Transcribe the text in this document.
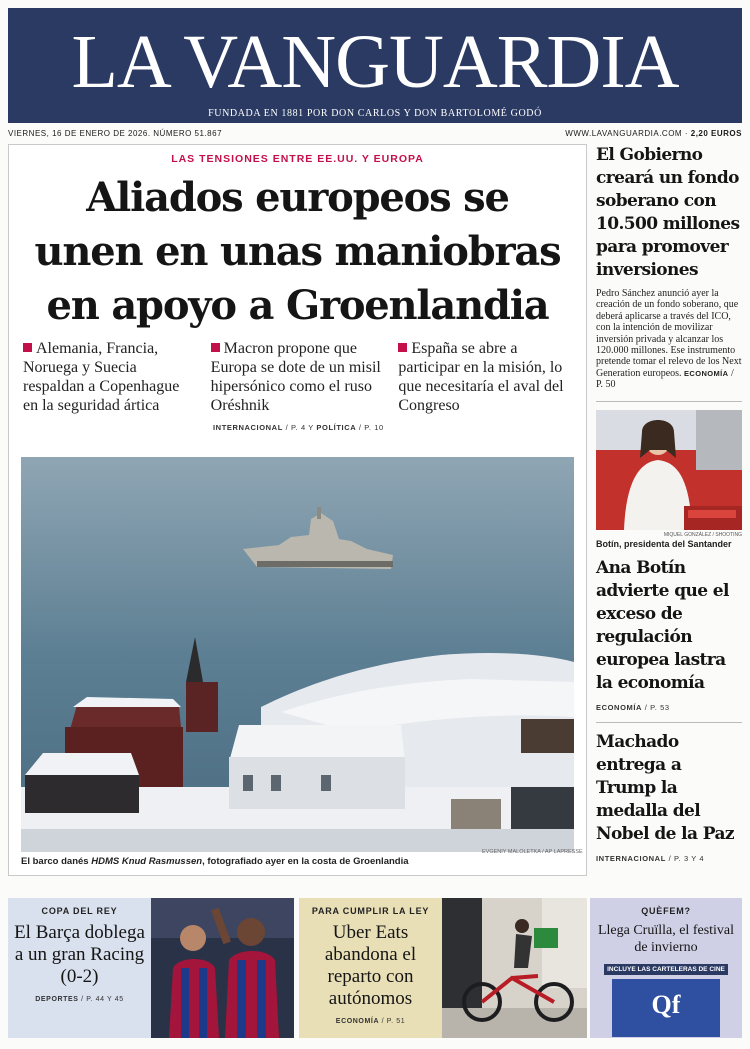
LA VANGUARDIA
FUNDADA EN 1881 POR DON CARLOS Y DON BARTOLOMÉ GODÓ
VIERNES, 16 DE ENERO DE 2026. NÚMERO 51.867	WWW.LAVANGUARDIA.COM · 2,20 EUROS
LAS TENSIONES ENTRE EE.UU. Y EUROPA
Aliados europeos se
unen en unas maniobras
en apoyo a Groenlandia
Alemania, Francia, Noruega y Suecia respaldan a Copenhague en la seguridad ártica
Macron propone que Europa se dote de un misil hipersónico como el ruso Oréshnik
España se abre a participar en la misión, lo que necesitaría el aval del Congreso
INTERNACIONAL / P. 4 Y POLÍTICA / P. 10
EVGENIY MALOLETKA / AP LAPRESSE
El barco danés HDMS Knud Rasmussen, fotografiado ayer en la costa de Groenlandia
El Gobierno creará un fondo soberano con 10.500 millones para promover inversiones

Pedro Sánchez anunció ayer la creación de un fondo soberano, que deberá aplicarse a través del ICO, con la intención de movilizar inversión privada y alcanzar los 120.000 millones. Ese instrumento pretende tomar el relevo de los Next Generation europeos. ECONOMÍA / P. 50

MIQUEL GONZÁLEZ / SHOOTING
Botín, presidenta del Santander
Ana Botín advierte que el exceso de regulación europea lastra la economía
ECONOMÍA / P. 53
Machado entrega a Trump la medalla del Nobel de la Paz
INTERNACIONAL / P. 3 Y 4
COPA DEL REY
El Barça doblega a un gran Racing (0-2)
DEPORTES / P. 44 Y 45
PARA CUMPLIR LA LEY
Uber Eats abandona el reparto con autónomos
ECONOMÍA / P. 51
QUÈFEM?
Llega Cruïlla, el festival de invierno
INCLUYE LAS CARTELERAS DE CINE
Qf
